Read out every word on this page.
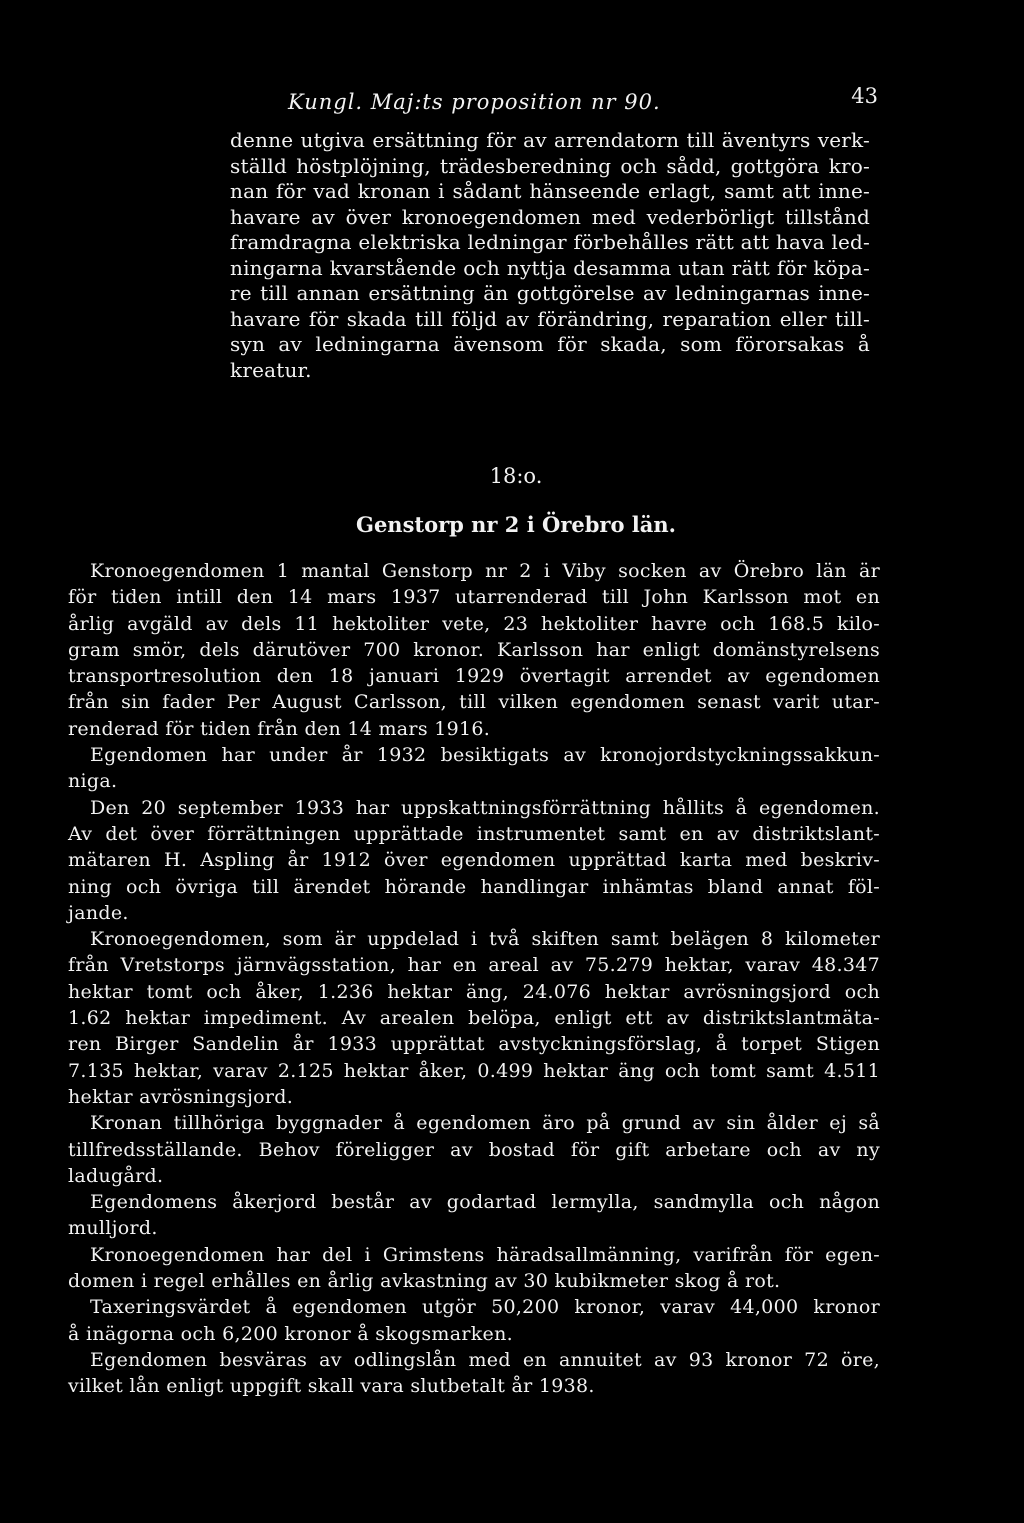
Kungl. Maj:ts proposition nr 90.	43
denne utgiva ersättning för av arrendatorn till äventyrs verk-
ställd höstplöjning, trädesberedning och sådd, gottgöra kro-
nan för vad kronan i sådant hänseende erlagt, samt att inne-
havare av över kronoegendomen med vederbörligt tillstånd
framdragna elektriska ledningar förbehålles rätt att hava led-
ningarna kvarstående och nyttja desamma utan rätt för köpa-
re till annan ersättning än gottgörelse av ledningarnas inne-
havare för skada till följd av förändring, reparation eller till-
syn av ledningarna ävensom för skada, som förorsakas å
kreatur.
18:o.
Genstorp nr 2 i Örebro län.
Kronoegendomen 1 mantal Genstorp nr 2 i Viby socken av Örebro län är
för tiden intill den 14 mars 1937 utarrenderad till John Karlsson mot en
årlig avgäld av dels 11 hektoliter vete, 23 hektoliter havre och 168.5 kilo-
gram smör, dels därutöver 700 kronor. Karlsson har enligt domänstyrelsens
transportresolution den 18 januari 1929 övertagit arrendet av egendomen
från sin fader Per August Carlsson, till vilken egendomen senast varit utar-
renderad för tiden från den 14 mars 1916.
Egendomen har under år 1932 besiktigats av kronojordstyckningssakkun-
niga.
Den 20 september 1933 har uppskattningsförrättning hållits å egendomen.
Av det över förrättningen upprättade instrumentet samt en av distriktslant-
mätaren H. Aspling år 1912 över egendomen upprättad karta med beskriv-
ning och övriga till ärendet hörande handlingar inhämtas bland annat föl-
jande.
Kronoegendomen, som är uppdelad i två skiften samt belägen 8 kilometer
från Vretstorps järnvägsstation, har en areal av 75.279 hektar, varav 48.347
hektar tomt och åker, 1.236 hektar äng, 24.076 hektar avrösningsjord och
1.62 hektar impediment. Av arealen belöpa, enligt ett av distriktslantmäta-
ren Birger Sandelin år 1933 upprättat avstyckningsförslag, å torpet Stigen
7.135 hektar, varav 2.125 hektar åker, 0.499 hektar äng och tomt samt 4.511
hektar avrösningsjord.
Kronan tillhöriga byggnader å egendomen äro på grund av sin ålder ej så
tillfredsställande. Behov föreligger av bostad för gift arbetare och av ny
ladugård.
Egendomens åkerjord består av godartad lermylla, sandmylla och någon
mulljord.
Kronoegendomen har del i Grimstens häradsallmänning, varifrån för egen-
domen i regel erhålles en årlig avkastning av 30 kubikmeter skog å rot.
Taxeringsvärdet å egendomen utgör 50,200 kronor, varav 44,000 kronor
å inägorna och 6,200 kronor å skogsmarken.
Egendomen besväras av odlingslån med en annuitet av 93 kronor 72 öre,
vilket lån enligt uppgift skall vara slutbetalt år 1938.
